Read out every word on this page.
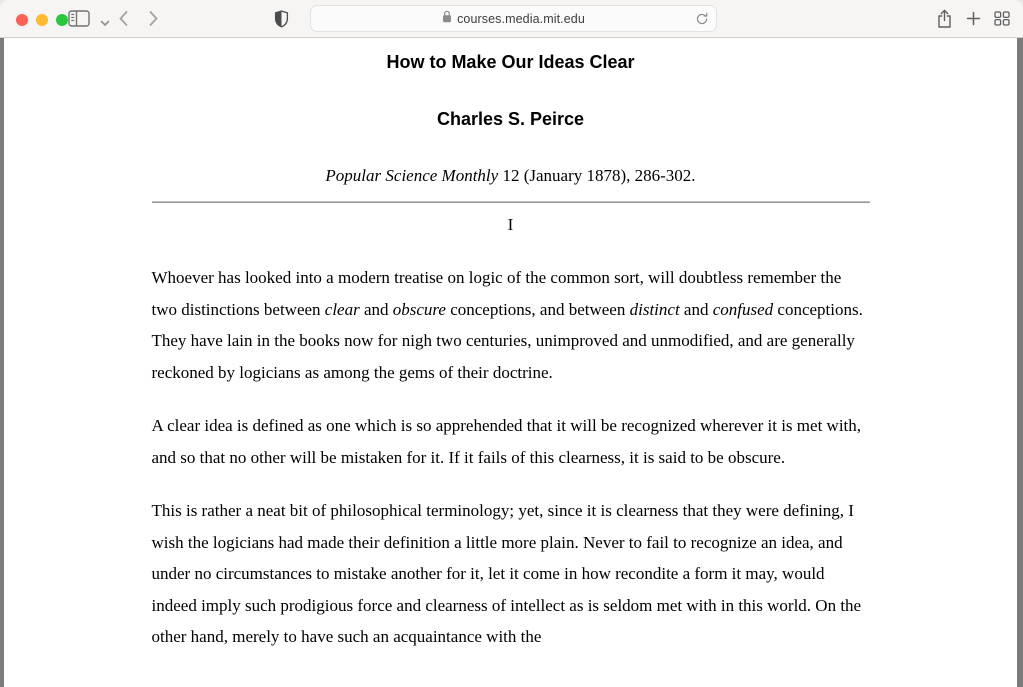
courses.media.mit.edu
How to Make Our Ideas Clear
Charles S. Peirce

Popular Science Monthly 12 (January 1878), 286-302.

I

Whoever has looked into a modern treatise on logic of the common sort, will doubtless remember the two distinctions between clear and obscure conceptions, and between distinct and confused conceptions. They have lain in the books now for nigh two centuries, unimproved and unmodified, and are generally reckoned by logicians as among the gems of their doctrine.

A clear idea is defined as one which is so apprehended that it will be recognized wherever it is met with, and so that no other will be mistaken for it. If it fails of this clearness, it is said to be obscure.

This is rather a neat bit of philosophical terminology; yet, since it is clearness that they were defining, I wish the logicians had made their definition a little more plain. Never to fail to recognize an idea, and under no circumstances to mistake another for it, let it come in how recondite a form it may, would indeed imply such prodigious force and clearness of intellect as is seldom met with in this world. On the other hand, merely to have such an acquaintance with the
